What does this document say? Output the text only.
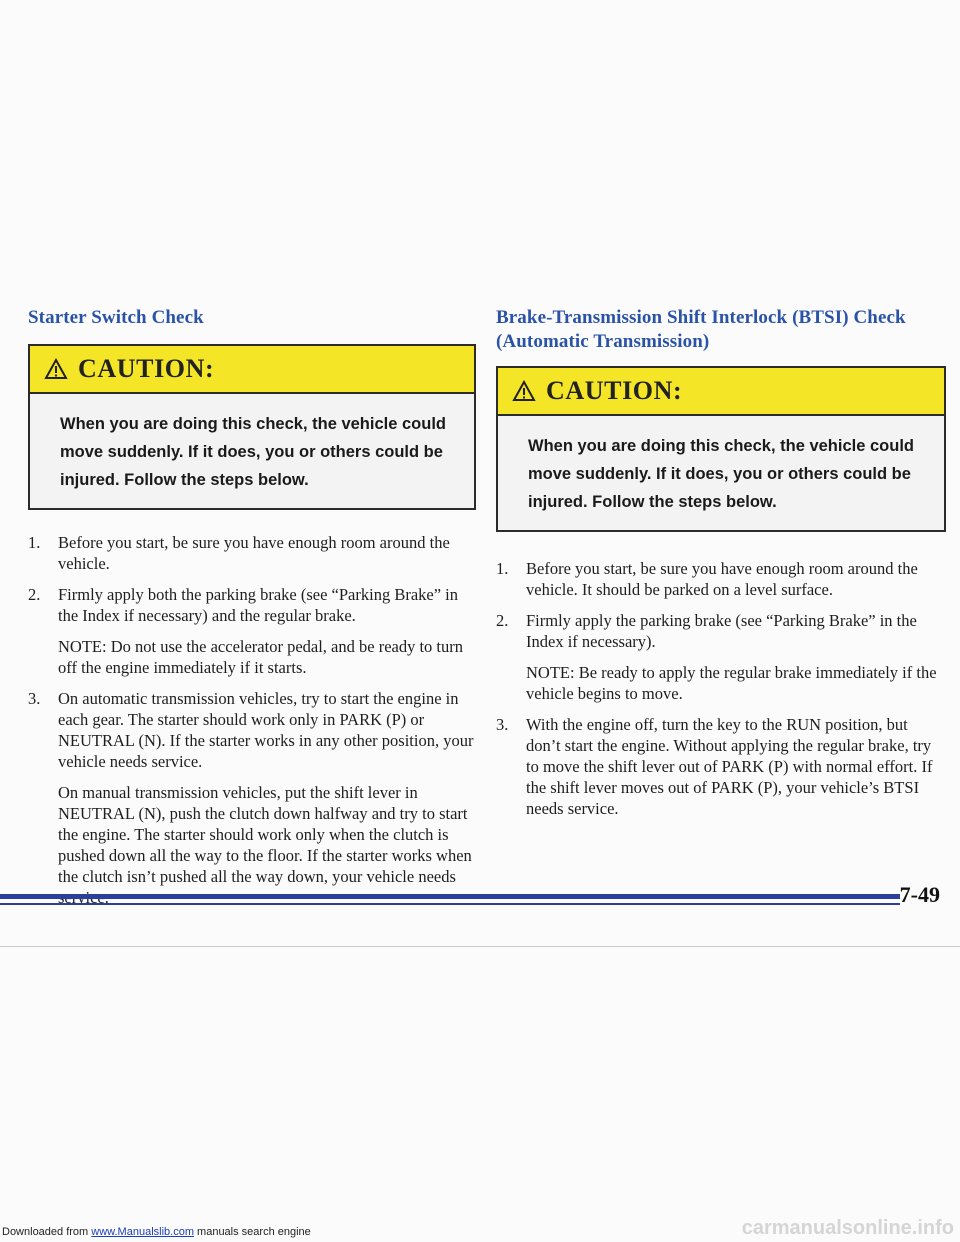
Starter Switch Check
CAUTION:
When you are doing this check, the vehicle could move suddenly. If it does, you or others could be injured. Follow the steps below.
1.	Before you start, be sure you have enough room around the vehicle.
2.	Firmly apply both the parking brake (see “Parking Brake” in the Index if necessary) and the regular brake.
NOTE: Do not use the accelerator pedal, and be ready to turn off the engine immediately if it starts.
3.	On automatic transmission vehicles, try to start the engine in each gear. The starter should work only in PARK (P) or NEUTRAL (N). If the starter works in any other position, your vehicle needs service.
On manual transmission vehicles, put the shift lever in NEUTRAL (N), push the clutch down halfway and try to start the engine. The starter should work only when the clutch is pushed down all the way to the floor. If the starter works when the clutch isn’t pushed all the way down, your vehicle needs
Brake-Transmission Shift Interlock (BTSI) Check (Automatic Transmission)
CAUTION:
When you are doing this check, the vehicle could move suddenly. If it does, you or others could be injured. Follow the steps below.
1.	Before you start, be sure you have enough room around the vehicle. It should be parked on a level surface.
2.	Firmly apply the parking brake (see “Parking Brake” in the Index if necessary).
NOTE: Be ready to apply the regular brake immediately if the vehicle begins to move.
3.	With the engine off, turn the key to the RUN position, but don’t start the engine. Without applying the regular brake, try to move the shift lever out of PARK (P) with normal effort. If the shift lever moves out of PARK (P), your vehicle’s BTSI needs service.
7-49
Downloaded from www.Manualslib.com manuals search engine	carmanualsonline.info
